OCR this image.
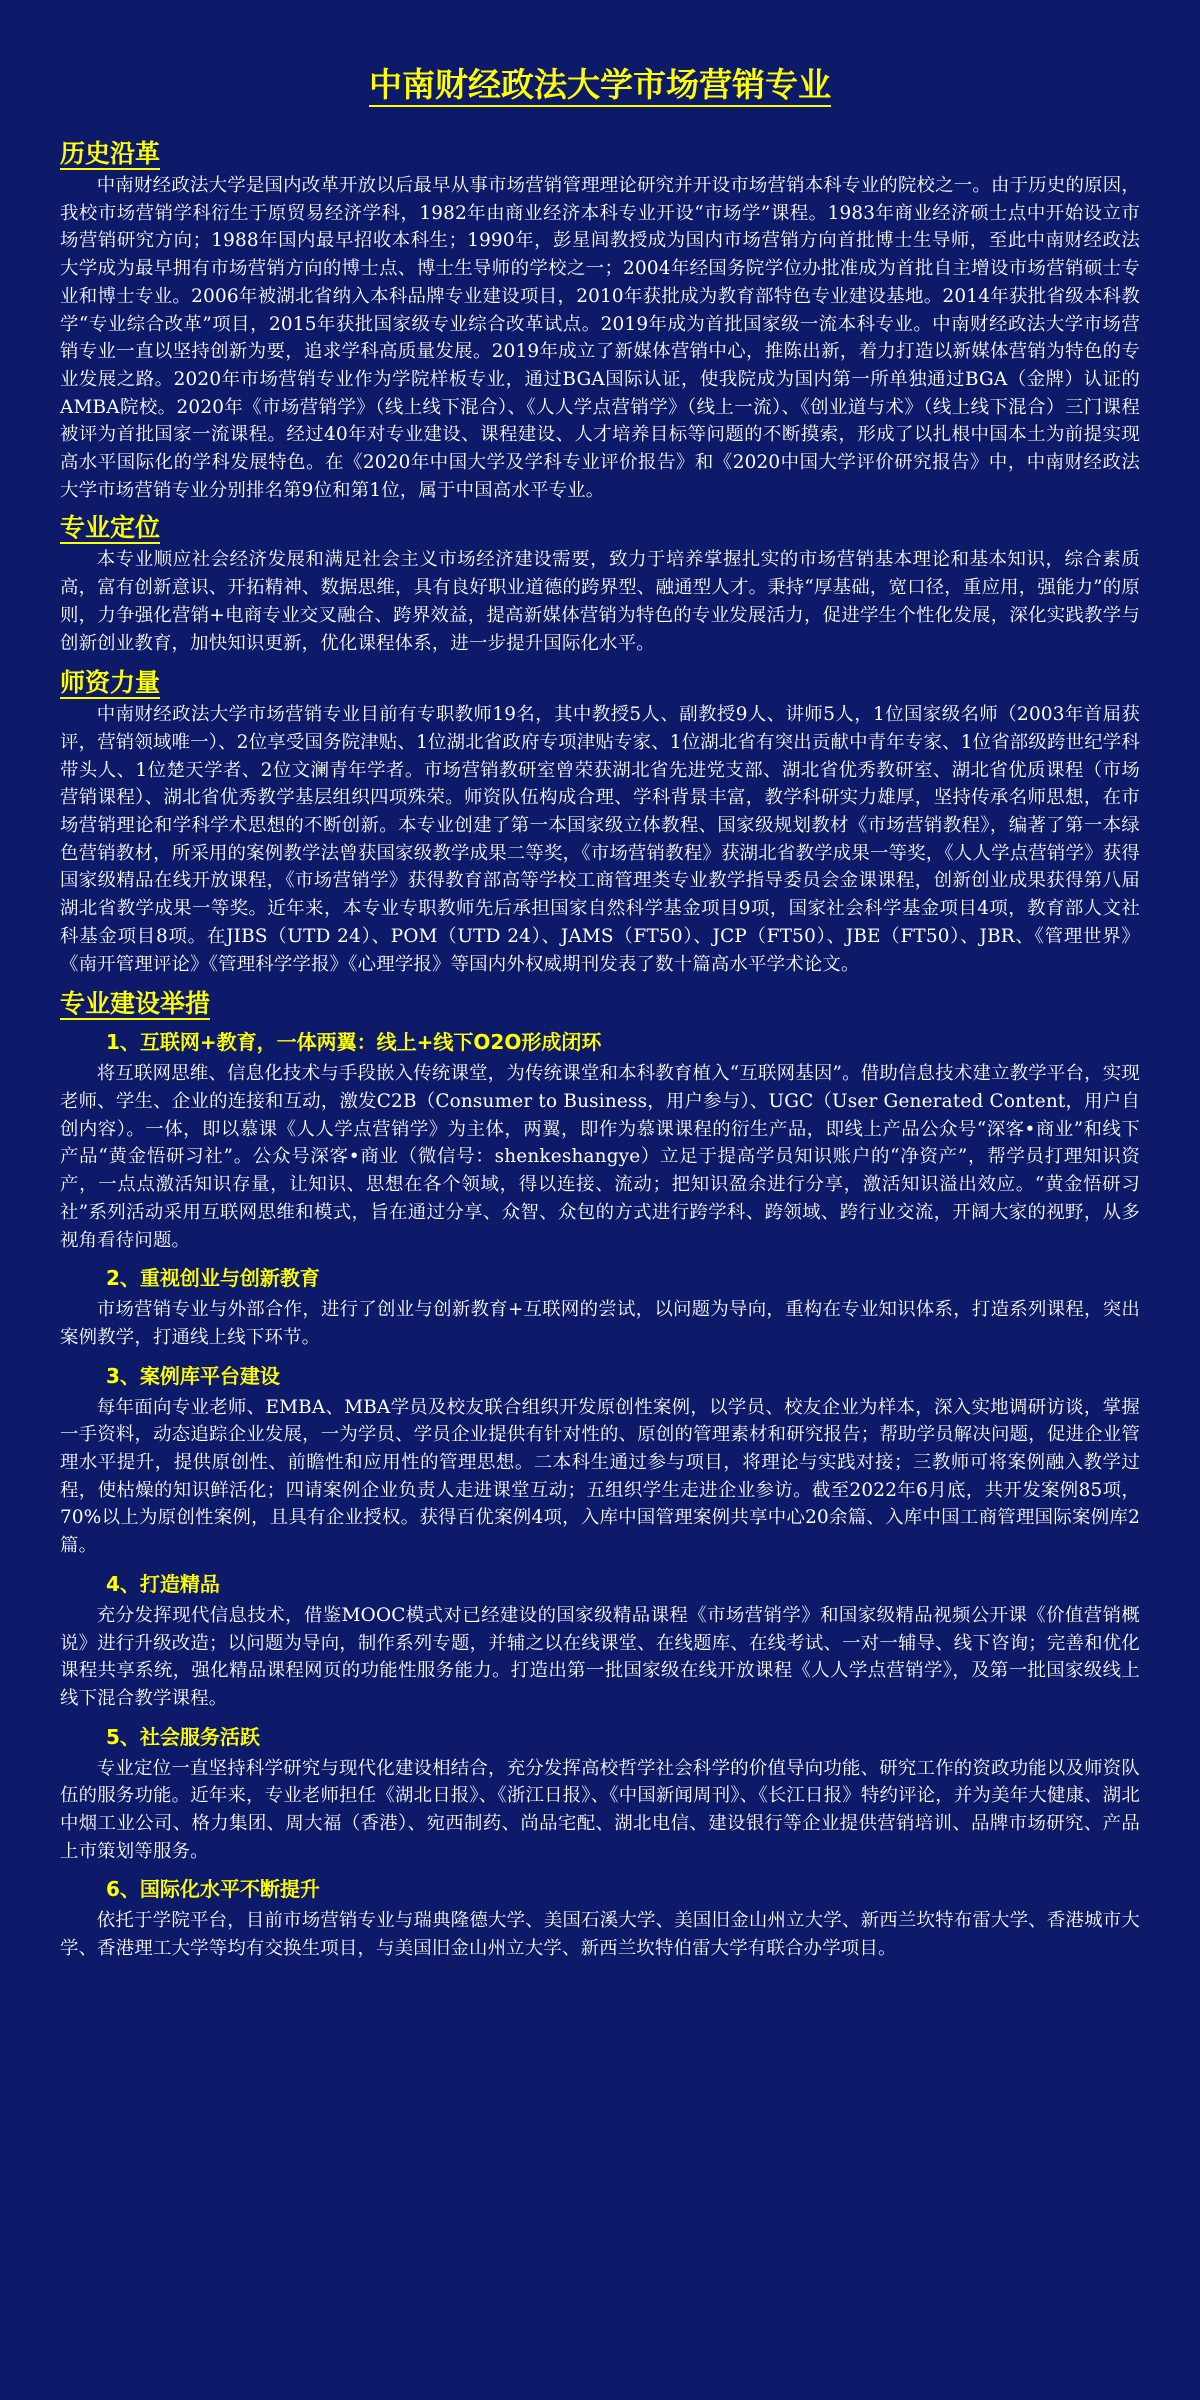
中南财经政法大学市场营销专业
历史沿革

中南财经政法大学是国内改革开放以后最早从事市场营销管理理论研究并开设市场营销本科专业的院校之一。由于历史的原因，我校市场营销学科衍生于原贸易经济学科，1982年由商业经济本科专业开设“市场学”课程。1983年商业经济硕士点中开始设立市场营销研究方向；1988年国内最早招收本科生；1990年，彭星闾教授成为国内市场营销方向首批博士生导师，至此中南财经政法大学成为最早拥有市场营销方向的博士点、博士生导师的学校之一；2004年经国务院学位办批准成为首批自主增设市场营销硕士专业和博士专业。2006年被湖北省纳入本科品牌专业建设项目，2010年获批成为教育部特色专业建设基地。2014年获批省级本科教学“专业综合改革”项目，2015年获批国家级专业综合改革试点。2019年成为首批国家级一流本科专业。中南财经政法大学市场营销专业一直以坚持创新为要，追求学科高质量发展。2019年成立了新媒体营销中心，推陈出新，着力打造以新媒体营销为特色的专业发展之路。2020年市场营销专业作为学院样板专业，通过BGA国际认证，使我院成为国内第一所单独通过BGA（金牌）认证的AMBA院校。2020年《市场营销学》（线上线下混合）、《人人学点营销学》（线上一流）、《创业道与术》（线上线下混合）三门课程被评为首批国家一流课程。经过40年对专业建设、课程建设、人才培养目标等问题的不断摸索，形成了以扎根中国本土为前提实现高水平国际化的学科发展特色。在《2020年中国大学及学科专业评价报告》和《2020中国大学评价研究报告》中，中南财经政法大学市场营销专业分别排名第9位和第1位，属于中国高水平专业。

专业定位

本专业顺应社会经济发展和满足社会主义市场经济建设需要，致力于培养掌握扎实的市场营销基本理论和基本知识，综合素质高，富有创新意识、开拓精神、数据思维，具有良好职业道德的跨界型、融通型人才。秉持“厚基础，宽口径，重应用，强能力”的原则，力争强化营销+电商专业交叉融合、跨界效益，提高新媒体营销为特色的专业发展活力，促进学生个性化发展，深化实践教学与创新创业教育，加快知识更新，优化课程体系，进一步提升国际化水平。

师资力量

中南财经政法大学市场营销专业目前有专职教师19名，其中教授5人、副教授9人、讲师5人，1位国家级名师（2003年首届获评，营销领域唯一）、2位享受国务院津贴、1位湖北省政府专项津贴专家、1位湖北省有突出贡献中青年专家、1位省部级跨世纪学科带头人、1位楚天学者、2位文澜青年学者。市场营销教研室曾荣获湖北省先进党支部、湖北省优秀教研室、湖北省优质课程（市场营销课程）、湖北省优秀教学基层组织四项殊荣。师资队伍构成合理、学科背景丰富，教学科研实力雄厚，坚持传承名师思想，在市场营销理论和学科学术思想的不断创新。本专业创建了第一本国家级立体教程、国家级规划教材《市场营销教程》，编著了第一本绿色营销教材，所采用的案例教学法曾获国家级教学成果二等奖，《市场营销教程》获湖北省教学成果一等奖，《人人学点营销学》获得国家级精品在线开放课程，《市场营销学》获得教育部高等学校工商管理类专业教学指导委员会金课课程，创新创业成果获得第八届湖北省教学成果一等奖。近年来，本专业专职教师先后承担国家自然科学基金项目9项，国家社会科学基金项目4项，教育部人文社科基金项目8项。在JIBS（UTD 24）、POM（UTD 24）、JAMS（FT50）、JCP（FT50）、JBE（FT50）、JBR、《管理世界》《南开管理评论》《管理科学学报》《心理学报》等国内外权威期刊发表了数十篇高水平学术论文。

专业建设举措
1、互联网+教育，一体两翼：线上+线下O2O形成闭环

将互联网思维、信息化技术与手段嵌入传统课堂，为传统课堂和本科教育植入“互联网基因”。借助信息技术建立教学平台，实现老师、学生、企业的连接和互动，激发C2B（Consumer to Business，用户参与）、UGC（User Generated Content，用户自创内容）。一体，即以慕课《人人学点营销学》为主体，两翼，即作为慕课课程的衍生产品，即线上产品公众号“深客•商业”和线下产品“黄金悟研习社”。公众号深客•商业（微信号：shenkeshangye）立足于提高学员知识账户的“净资产”，帮学员打理知识资产，一点点激活知识存量，让知识、思想在各个领域，得以连接、流动；把知识盈余进行分享，激活知识溢出效应。“黄金悟研习社”系列活动采用互联网思维和模式，旨在通过分享、众智、众包的方式进行跨学科、跨领域、跨行业交流，开阔大家的视野，从多视角看待问题。

2、重视创业与创新教育

市场营销专业与外部合作，进行了创业与创新教育+互联网的尝试，以问题为导向，重构在专业知识体系，打造系列课程，突出案例教学，打通线上线下环节。

3、案例库平台建设

每年面向专业老师、EMBA、MBA学员及校友联合组织开发原创性案例，以学员、校友企业为样本，深入实地调研访谈，掌握一手资料，动态追踪企业发展，一为学员、学员企业提供有针对性的、原创的管理素材和研究报告；帮助学员解决问题，促进企业管理水平提升，提供原创性、前瞻性和应用性的管理思想。二本科生通过参与项目，将理论与实践对接；三教师可将案例融入教学过程，使枯燥的知识鲜活化；四请案例企业负责人走进课堂互动；五组织学生走进企业参访。截至2022年6月底，共开发案例85项，70%以上为原创性案例，且具有企业授权。获得百优案例4项，入库中国管理案例共享中心20余篇、入库中国工商管理国际案例库2篇。

4、打造精品

充分发挥现代信息技术，借鉴MOOC模式对已经建设的国家级精品课程《市场营销学》和国家级精品视频公开课《价值营销概说》进行升级改造；以问题为导向，制作系列专题，并辅之以在线课堂、在线题库、在线考试、一对一辅导、线下咨询；完善和优化课程共享系统，强化精品课程网页的功能性服务能力。打造出第一批国家级在线开放课程《人人学点营销学》，及第一批国家级线上线下混合教学课程。

5、社会服务活跃

专业定位一直坚持科学研究与现代化建设相结合，充分发挥高校哲学社会科学的价值导向功能、研究工作的资政功能以及师资队伍的服务功能。近年来，专业老师担任《湖北日报》、《浙江日报》、《中国新闻周刊》、《长江日报》特约评论，并为美年大健康、湖北中烟工业公司、格力集团、周大福（香港）、宛西制药、尚品宅配、湖北电信、建设银行等企业提供营销培训、品牌市场研究、产品上市策划等服务。

6、国际化水平不断提升

依托于学院平台，目前市场营销专业与瑞典隆德大学、美国石溪大学、美国旧金山州立大学、新西兰坎特布雷大学、香港城市大学、香港理工大学等均有交换生项目，与美国旧金山州立大学、新西兰坎特伯雷大学有联合办学项目。
